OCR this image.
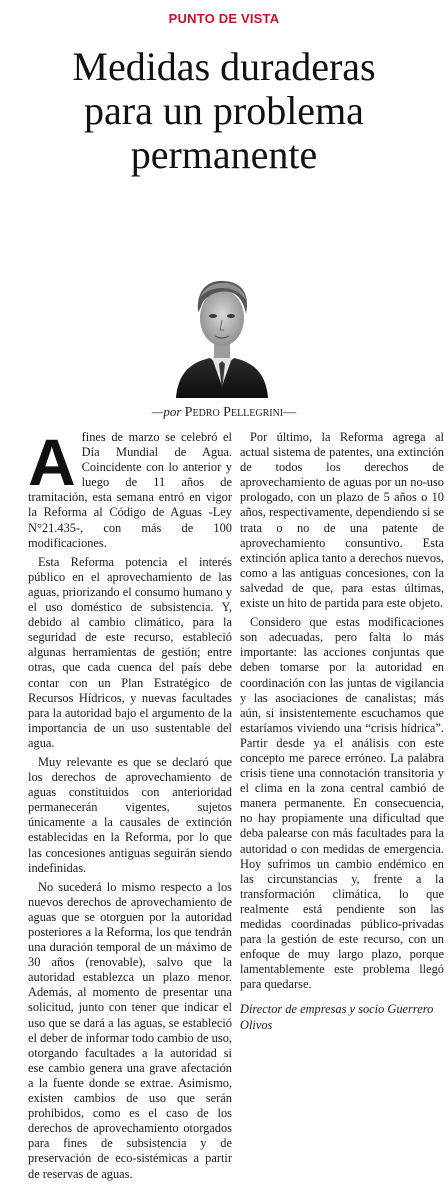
PUNTO DE VISTA
Medidas duraderas
para un problema
permanente
—por Pedro Pellegrini—
A fines de marzo se celebró el Día Mundial de Agua. Coincidente con lo anterior y luego de 11 años de tramitación, esta semana entró en vigor la Reforma al Código de Aguas -Ley N°21.435-, con más de 100 modificaciones.

Esta Reforma potencia el interés público en el aprovechamiento de las aguas, priorizando el consumo humano y el uso doméstico de subsistencia. Y, debido al cambio climático, para la seguridad de este recurso, estableció algunas herramientas de gestión; entre otras, que cada cuenca del país debe contar con un Plan Estratégico de Recursos Hídricos, y nuevas facultades para la autoridad bajo el argumento de la importancia de un uso sustentable del agua.

Muy relevante es que se declaró que los derechos de aprovechamiento de aguas constituidos con anterioridad permanecerán vigentes, sujetos únicamente a la causales de extinción establecidas en la Reforma, por lo que las concesiones antiguas seguirán siendo indefinidas.

No sucederá lo mismo respecto a los nuevos derechos de aprovechamiento de aguas que se otorguen por la autoridad posteriores a la Reforma, los que tendrán una duración temporal de un máximo de 30 años (renovable), salvo que la autoridad establezca un plazo menor. Además, al momento de presentar una solicitud, junto con tener que indicar el uso que se dará a las aguas, se estableció el deber de informar todo cambio de uso, otorgando facultades a la autoridad si ese cambio genera una grave afectación a la fuente donde se extrae. Asimismo, existen cambios de uso que serán prohibidos, como es el caso de los derechos de aprovechamiento otorgados para fines de subsistencia y de preservación de eco-sistémicas a partir de reservas de aguas.

Por último, la Reforma agrega al actual sistema de patentes, una extinción de todos los derechos de aprovechamiento de aguas por un no-uso prologado, con un plazo de 5 años o 10 años, respectivamente, dependiendo si se trata o no de una patente de aprovechamiento consuntivo. Esta extinción aplica tanto a derechos nuevos, como a las antiguas concesiones, con la salvedad de que, para estas últimas, existe un hito de partida para este objeto.

Considero que estas modificaciones son adecuadas, pero falta lo más importante: las acciones conjuntas que deben tomarse por la autoridad en coordinación con las juntas de vigilancia y las asociaciones de canalistas; más aún, si insistentemente escuchamos que estaríamos viviendo una “crisis hídrica”. Partir desde ya el análisis con este concepto me parece erróneo. La palabra crisis tiene una connotación transitoria y el clima en la zona central cambió de manera permanente. En consecuencia, no hay propiamente una dificultad que deba palearse con más facultades para la autoridad o con medidas de emergencia. Hoy sufrimos un cambio endémico en las circunstancias y, frente a la transformación climática, lo que realmente está pendiente son las medidas coordinadas público-privadas para la gestión de este recurso, con un enfoque de muy largo plazo, porque lamentablemente este problema llegó para quedarse.

Director de empresas y socio Guerrero Olivos
